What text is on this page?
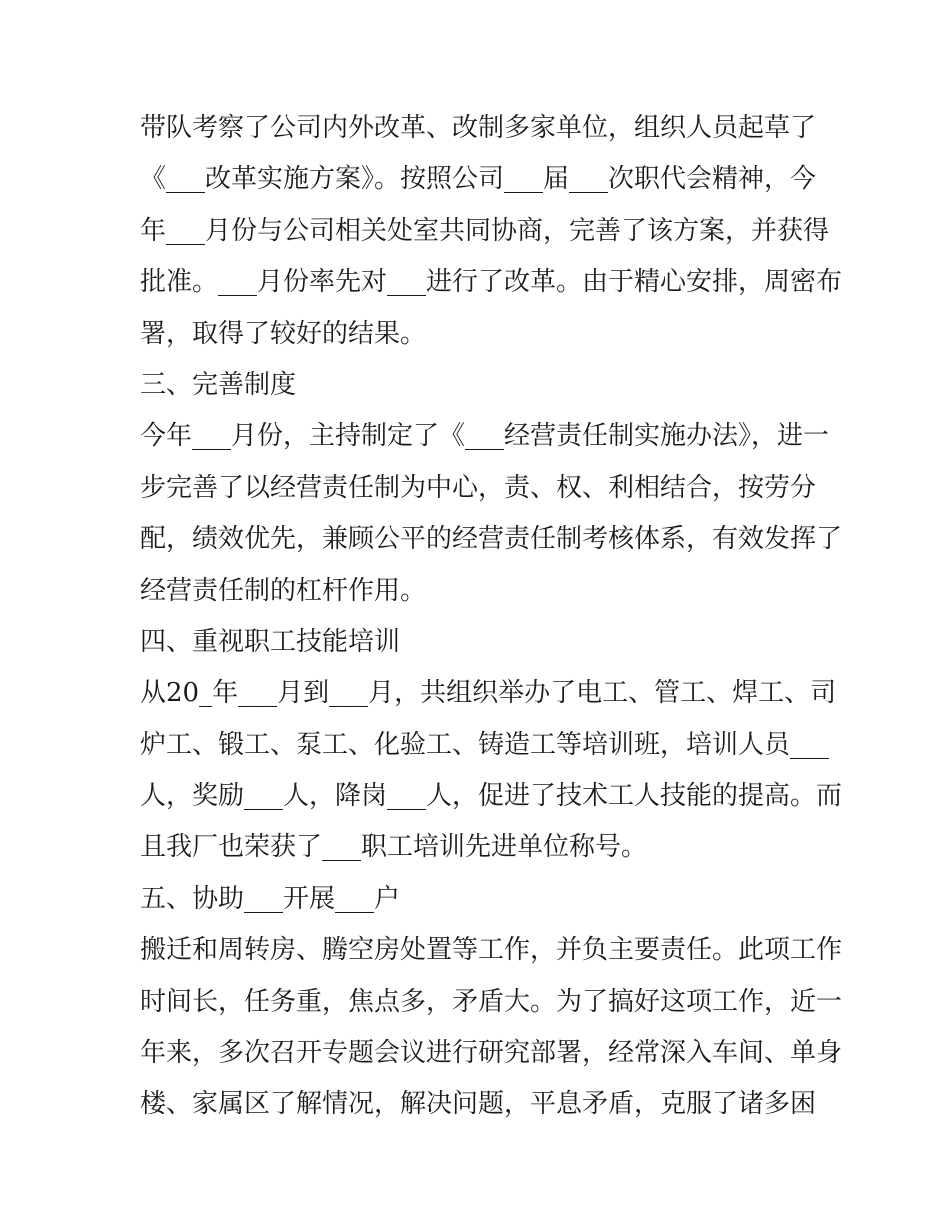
带队考察了公司内外改革、改制多家单位，组织人员起草了
《___改革实施方案》。按照公司___届___次职代会精神，今
年___月份与公司相关处室共同协商，完善了该方案，并获得
批准。___月份率先对___进行了改革。由于精心安排，周密布
署，取得了较好的结果。
三、完善制度
今年___月份，主持制定了《___经营责任制实施办法》，进一
步完善了以经营责任制为中心，责、权、利相结合，按劳分
配，绩效优先，兼顾公平的经营责任制考核体系，有效发挥了
经营责任制的杠杆作用。
四、重视职工技能培训
从20_年___月到___月，共组织举办了电工、管工、焊工、司
炉工、锻工、泵工、化验工、铸造工等培训班，培训人员___
人，奖励___人，降岗___人，促进了技术工人技能的提高。而
且我厂也荣获了___职工培训先进单位称号。
五、协助___开展___户
搬迁和周转房、腾空房处置等工作，并负主要责任。此项工作
时间长，任务重，焦点多，矛盾大。为了搞好这项工作，近一
年来，多次召开专题会议进行研究部署，经常深入车间、单身
楼、家属区了解情况，解决问题，平息矛盾，克服了诸多困
